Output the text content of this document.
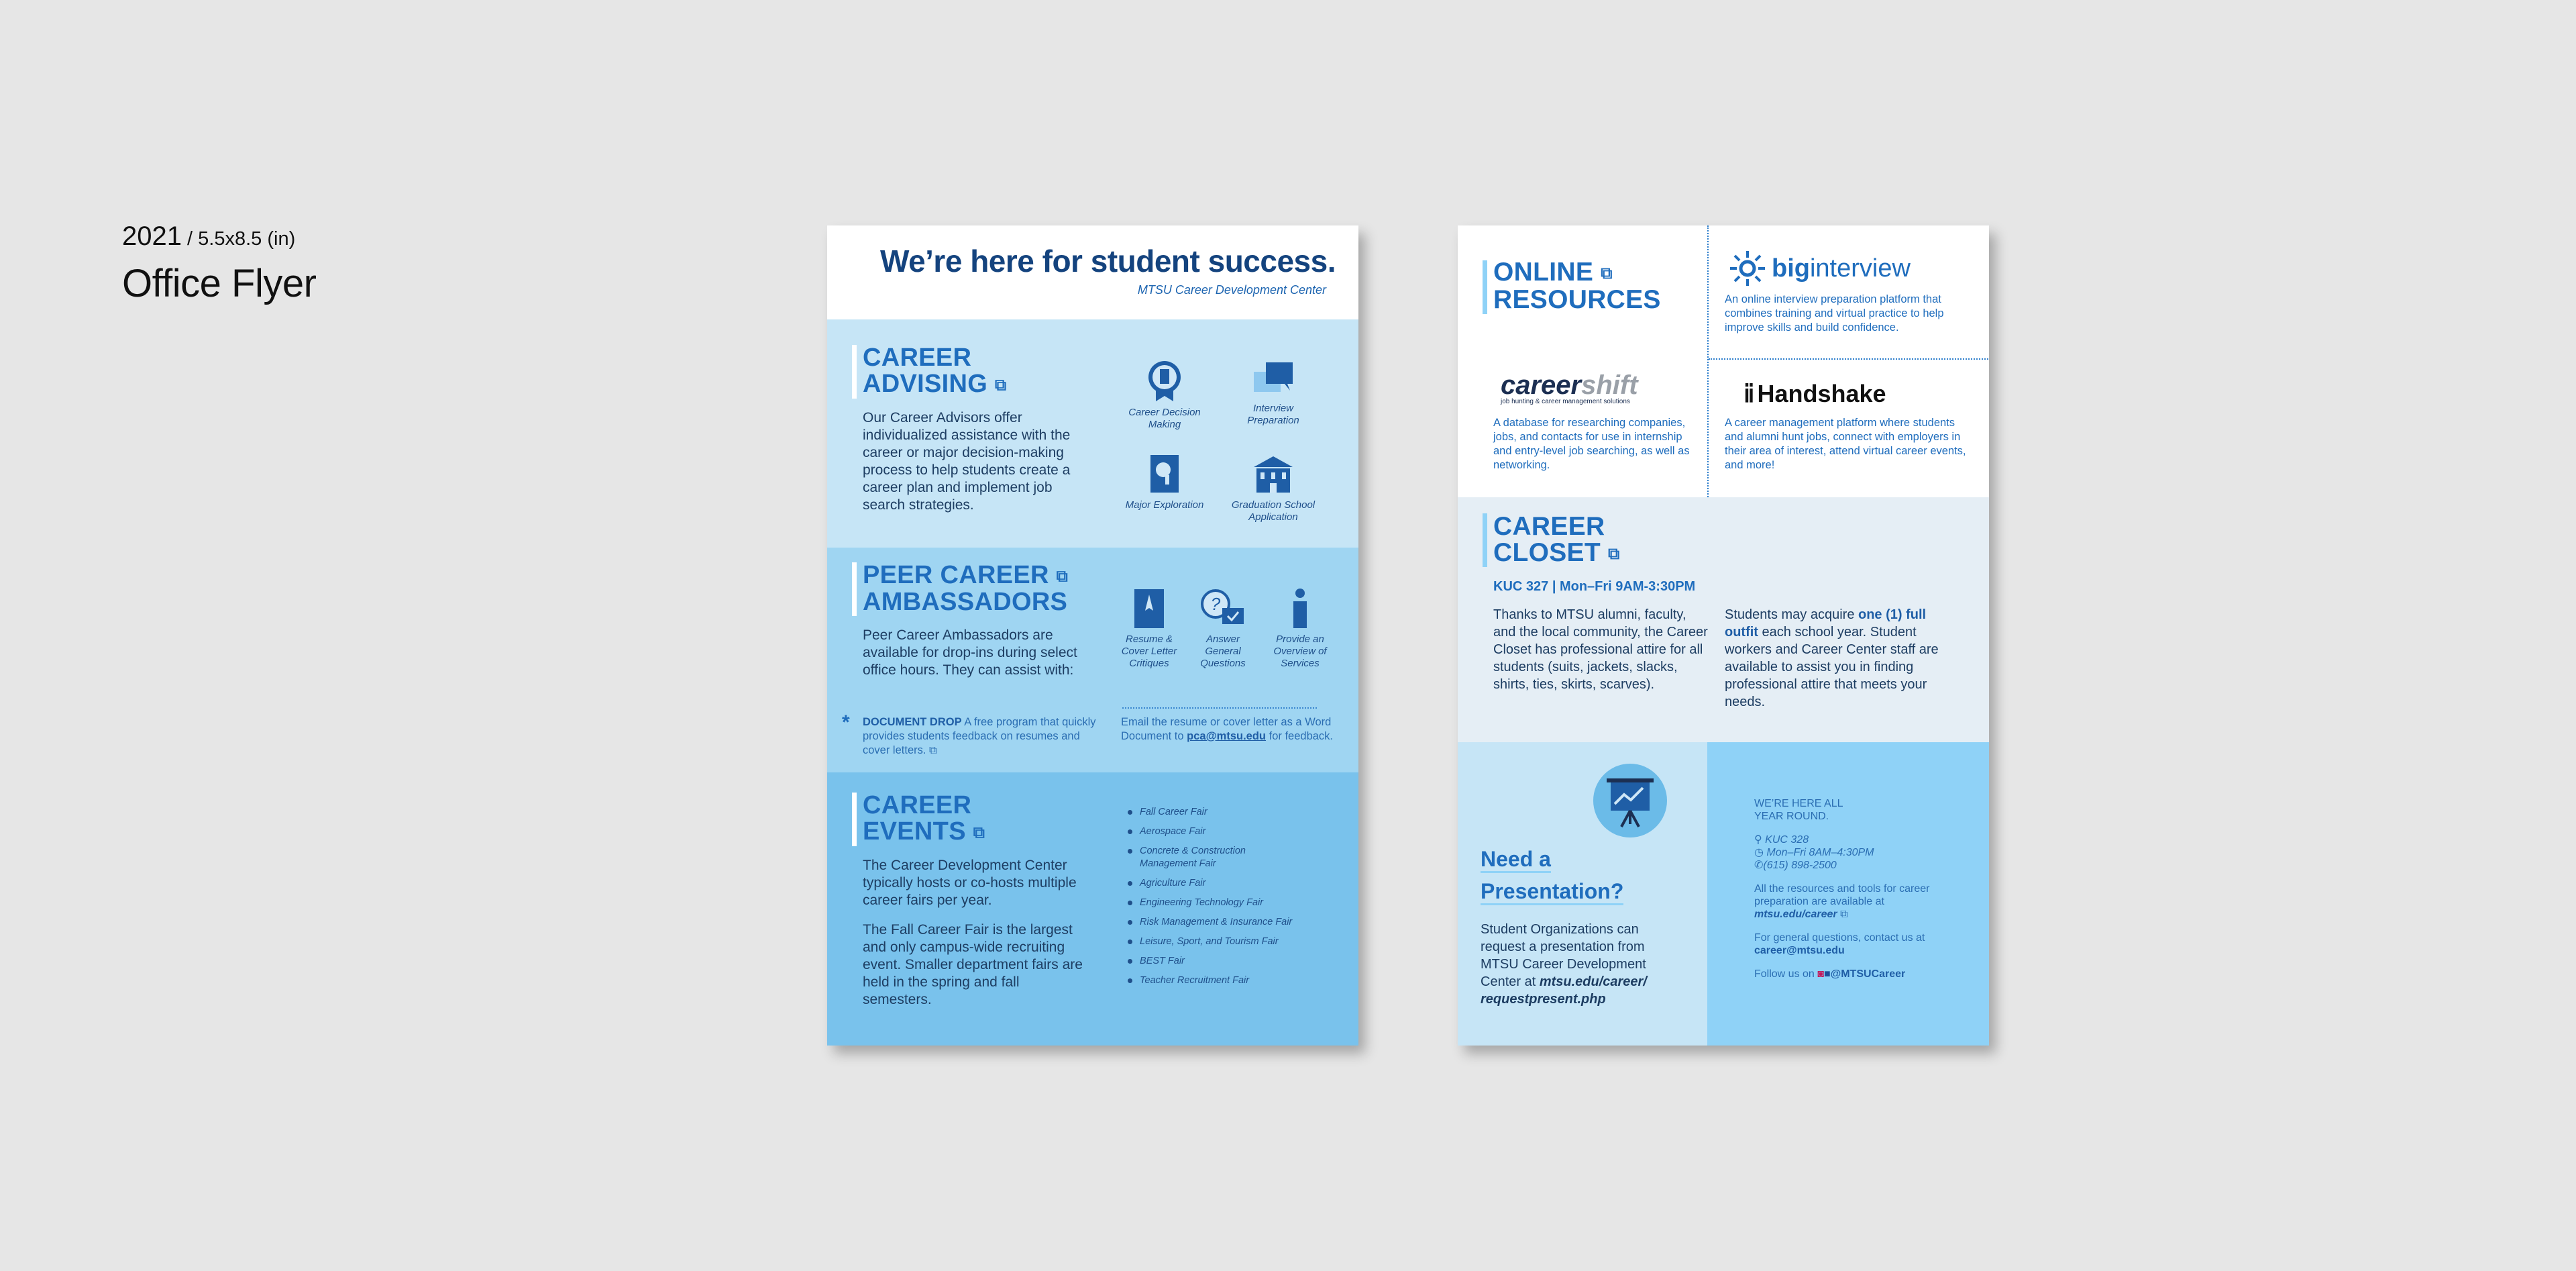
2021 / 5.5x8.5 (in)
Office Flyer
We’re here for student success.
MTSU Career Development Center
CAREER
ADVISING ⧉
Our Career Advisors offer individualized assistance with the career or major decision-making process to help students create a career plan and implement job search strategies.
Career Decision Making
Interview Preparation
Major Exploration	Graduation School Application
PEER CAREER ⧉
AMBASSADORS
Peer Career Ambassadors are available for drop-ins during select office hours. They can assist with:
Resume & Cover Letter Critiques
?
Answer General Questions
Provide an Overview of Services
* DOCUMENT DROP A free program that quickly provides students feedback on resumes and cover letters. ⧉
Email the resume or cover letter as a Word Document to pca@mtsu.edu for feedback.
CAREER
EVENTS ⧉
The Career Development Center typically hosts or co-hosts multiple career fairs per year.
The Fall Career Fair is the largest and only campus-wide recruiting event. Smaller department fairs are held in the spring and fall semesters.
Fall Career Fair
Aerospace Fair
Concrete & Construction Management Fair
Agriculture Fair
Engineering Technology Fair
Risk Management & Insurance Fair
Leisure, Sport, and Tourism Fair
BEST Fair
Teacher Recruitment Fair
ONLINE ⧉
RESOURCES
careershift
job hunting & career management solutions
A database for researching companies, jobs, and contacts for use in internship and entry-level job searching, as well as networking.
big interview
An online interview preparation platform that combines training and virtual practice to help improve skills and build confidence.
ⅱ Handshake
A career management platform where students and alumni hunt jobs, connect with employers in their area of interest, attend virtual career events, and more!
CAREER
CLOSET ⧉
KUC 327 | Mon–Fri 9AM-3:30PM
Thanks to MTSU alumni, faculty, and the local community, the Career Closet has professional attire for all students (suits, jackets, slacks, shirts, ties, skirts, scarves).
Students may acquire one (1) full outfit each school year. Student workers and Career Center staff are available to assist you in finding professional attire that meets your needs.
Need a
Presentation?
Student Organizations can request a presentation from MTSU Career Development Center at mtsu.edu/career/ requestpresent.php

WE’RE HERE ALL YEAR ROUND.

⚲ KUC 328

◷ Mon–Fri 8AM–4:30PM

✆(615) 898-2500

All the resources and tools for career preparation are available at mtsu.edu/career ⧉

For general questions, contact us at career@mtsu.edu

Follow us on ◙■@MTSUCareer
